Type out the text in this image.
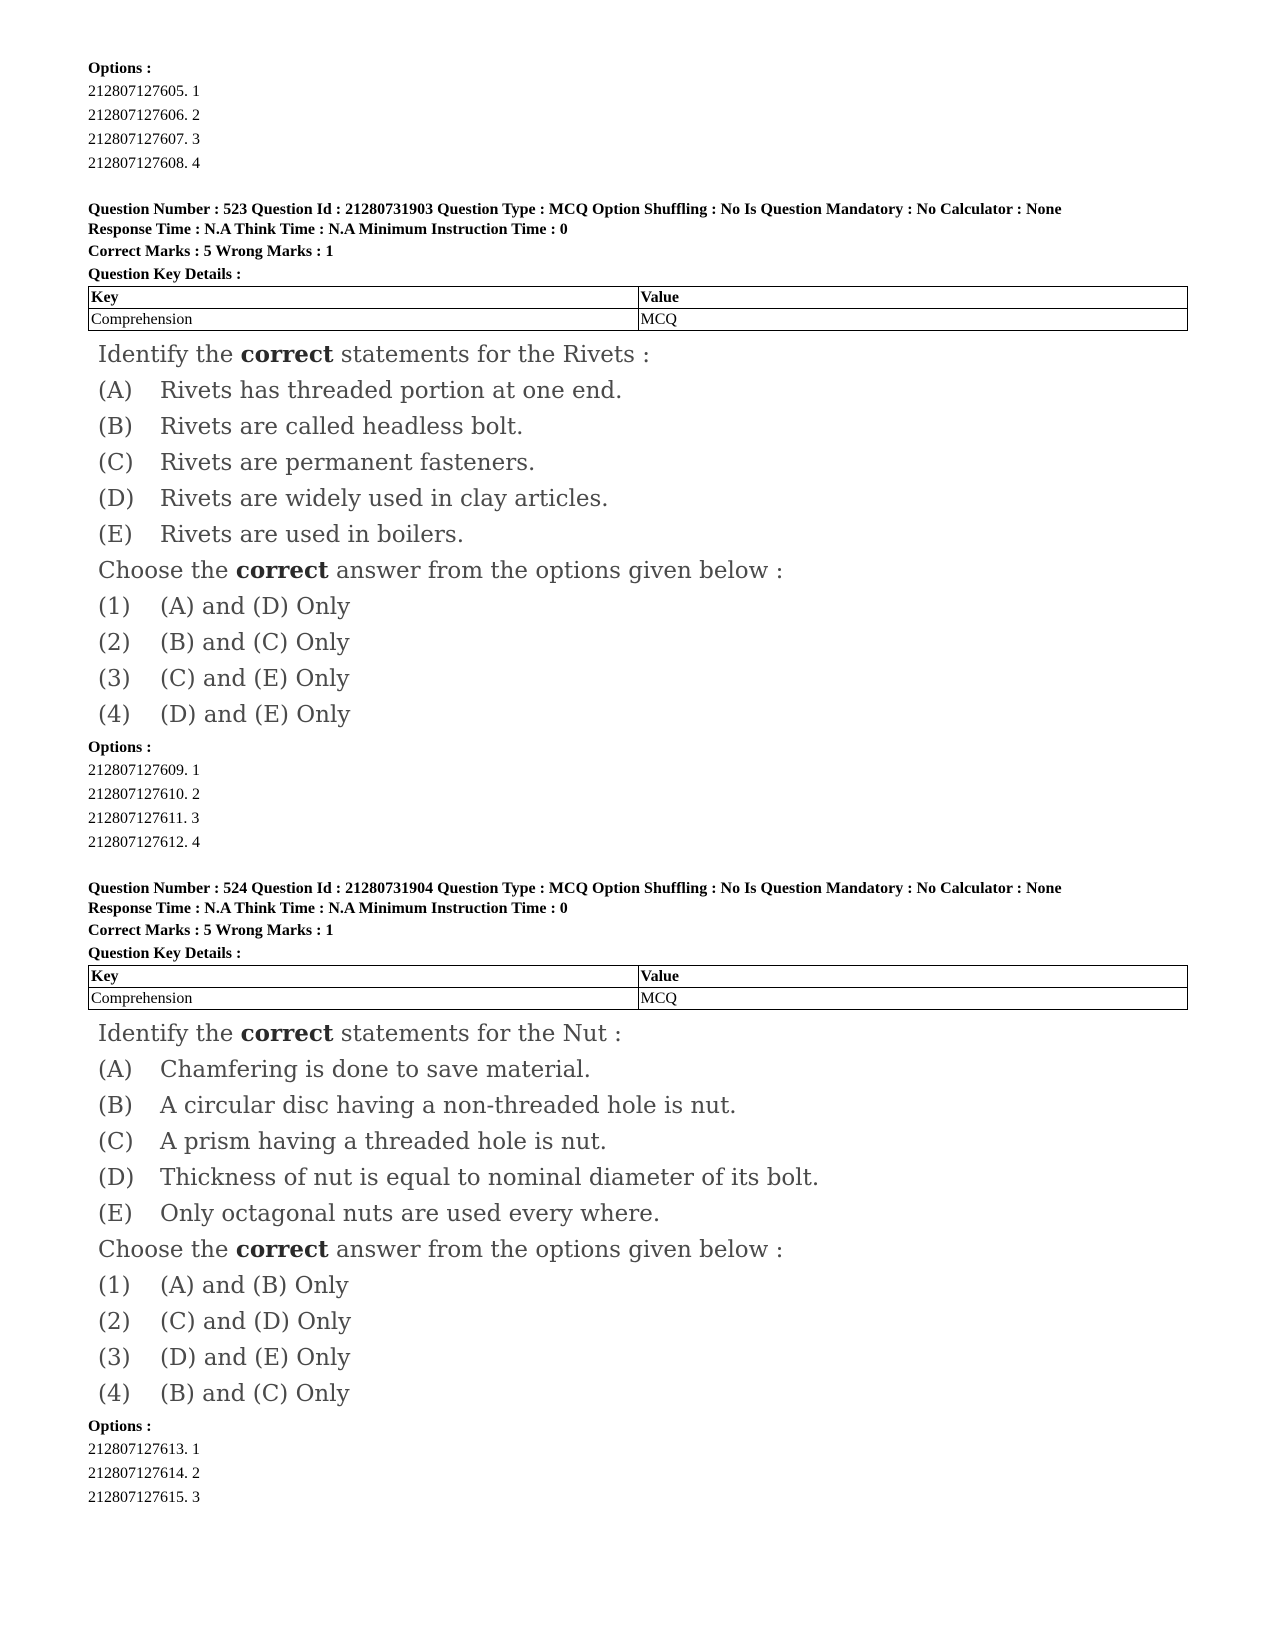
Options :
212807127605. 1
212807127606. 2
212807127607. 3
212807127608. 4
Question Number : 523 Question Id : 21280731903 Question Type : MCQ Option Shuffling : No Is Question Mandatory : No Calculator : None
Response Time : N.A Think Time : N.A Minimum Instruction Time : 0
Correct Marks : 5 Wrong Marks : 1
Question Key Details :
Key	Value
Comprehension	MCQ
Identify the correct statements for the Rivets :
(A) Rivets has threaded portion at one end.
(B) Rivets are called headless bolt.
(C) Rivets are permanent fasteners.
(D) Rivets are widely used in clay articles.
(E) Rivets are used in boilers.
Choose the correct answer from the options given below :
(1) (A) and (D) Only
(2) (B) and (C) Only
(3) (C) and (E) Only
(4) (D) and (E) Only
Options :
212807127609. 1
212807127610. 2
212807127611. 3
212807127612. 4
Question Number : 524 Question Id : 21280731904 Question Type : MCQ Option Shuffling : No Is Question Mandatory : No Calculator : None
Response Time : N.A Think Time : N.A Minimum Instruction Time : 0
Correct Marks : 5 Wrong Marks : 1
Question Key Details :
Key	Value
Comprehension	MCQ
Identify the correct statements for the Nut :
(A) Chamfering is done to save material.
(B) A circular disc having a non-threaded hole is nut.
(C) A prism having a threaded hole is nut.
(D) Thickness of nut is equal to nominal diameter of its bolt.
(E) Only octagonal nuts are used every where.
Choose the correct answer from the options given below :
(1) (A) and (B) Only
(2) (C) and (D) Only
(3) (D) and (E) Only
(4) (B) and (C) Only
Options :
212807127613. 1
212807127614. 2
212807127615. 3
